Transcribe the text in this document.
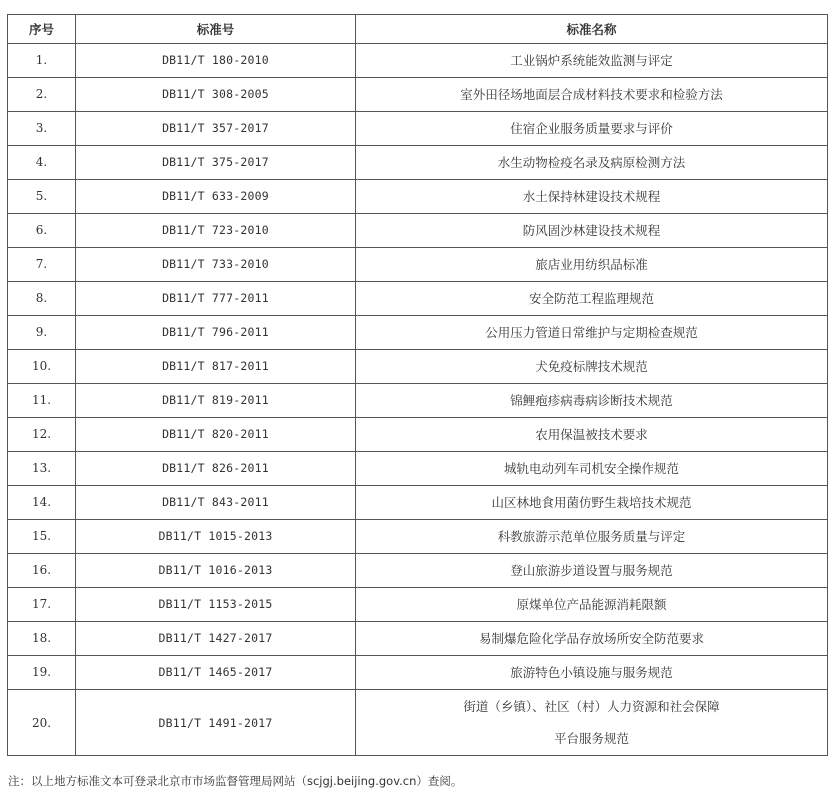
序号	标准号	标准名称
1.	DB11/T 180-2010	工业锅炉系统能效监测与评定

2.	DB11/T 308-2005	室外田径场地面层合成材料技术要求和检验方法

3.	DB11/T 357-2017	住宿企业服务质量要求与评价

4.	DB11/T 375-2017	水生动物检疫名录及病原检测方法

5.	DB11/T 633-2009	水土保持林建设技术规程

6.	DB11/T 723-2010	防风固沙林建设技术规程

7.	DB11/T 733-2010	旅店业用纺织品标准

8.	DB11/T 777-2011	安全防范工程监理规范

9.	DB11/T 796-2011	公用压力管道日常维护与定期检查规范

10.	DB11/T 817-2011	犬免疫标牌技术规范

11.	DB11/T 819-2011	锦鲤疱疹病毒病诊断技术规范

12.	DB11/T 820-2011	农用保温被技术要求

13.	DB11/T 826-2011	城轨电动列车司机安全操作规范

14.	DB11/T 843-2011	山区林地食用菌仿野生栽培技术规范

15.	DB11/T 1015-2013	科教旅游示范单位服务质量与评定

16.	DB11/T 1016-2013	登山旅游步道设置与服务规范

17.	DB11/T 1153-2015	原煤单位产品能源消耗限额

18.	DB11/T 1427-2017	易制爆危险化学品存放场所安全防范要求

19.	DB11/T 1465-2017	旅游特色小镇设施与服务规范

20.	DB11/T 1491-2017	街道（乡镇）、社区（村）人力资源和社会保障
平台服务规范
注：以上地方标准文本可登录北京市市场监督管理局网站（scjgj.beijing.gov.cn）查阅。
